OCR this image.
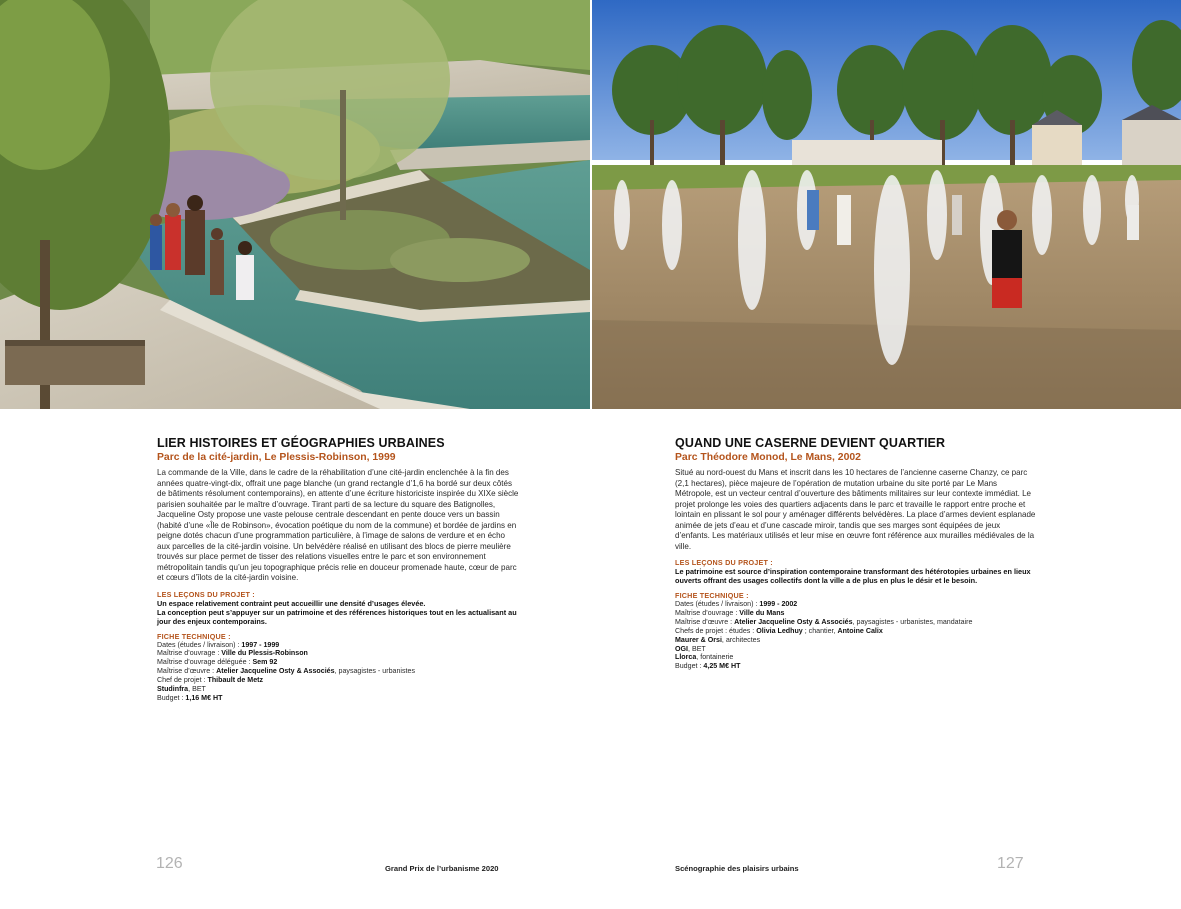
LIER HISTOIRES ET GÉOGRAPHIES URBAINES
Parc de la cité-jardin, Le Plessis-Robinson, 1999

La commande de la Ville, dans le cadre de la réhabilitation d’une cité-jardin enclenchée à la fin des années quatre-vingt-dix, offrait une page blanche (un grand rectangle d’1,6 ha bordé sur deux côtés de bâtiments résolument contemporains), en attente d’une écriture historiciste inspirée du XIXe siècle parisien souhaitée par le maître d’ouvrage. Tirant parti de sa lecture du square des Batignolles, Jacqueline Osty propose une vaste pelouse centrale descendant en pente douce vers un bassin (habité d’une «Île de Robinson», évocation poétique du nom de la commune) et bordée de jardins en peigne dotés chacun d’une programmation particulière, à l’image de salons de verdure et en écho aux parcelles de la cité-jardin voisine. Un belvédère réalisé en utilisant des blocs de pierre meulière trouvés sur place permet de tisser des relations visuelles entre le parc et son environnement métropolitain tandis qu’un jeu topographique précis relie en douceur promenade haute, cœur de parc et cœurs d’îlots de la cité-jardin voisine.

LES LEÇONS DU PROJET :
Un espace relativement contraint peut accueillir une densité d’usages élevée.
La conception peut s’appuyer sur un patrimoine et des références historiques tout en les actualisant au jour des enjeux contemporains.
FICHE TECHNIQUE :
Dates (études / livraison) : 1997 - 1999
Maîtrise d’ouvrage : Ville du Plessis-Robinson
Maîtrise d’ouvrage déléguée : Sem 92
Maîtrise d’œuvre : Atelier Jacqueline Osty & Associés, paysagistes - urbanistes
Chef de projet : Thibault de Metz
Studinfra, BET
Budget : 1,16 M€ HT
QUAND UNE CASERNE DEVIENT QUARTIER
Parc Théodore Monod, Le Mans, 2002

Situé au nord-ouest du Mans et inscrit dans les 10 hectares de l’ancienne caserne Chanzy, ce parc (2,1 hectares), pièce majeure de l’opération de mutation urbaine du site porté par Le Mans Métropole, est un vecteur central d’ouverture des bâtiments militaires sur leur contexte immédiat. Le projet prolonge les voies des quartiers adjacents dans le parc et travaille le rapport entre proche et lointain en plissant le sol pour y aménager différents belvédères. La place d’armes devient esplanade animée de jets d’eau et d’une cascade miroir, tandis que ses marges sont équipées de jeux d’enfants. Les matériaux utilisés et leur mise en œuvre font référence aux murailles médiévales de la ville.

LES LEÇONS DU PROJET :
Le patrimoine est source d’inspiration contemporaine transformant des hétérotopies urbaines en lieux ouverts offrant des usages collectifs dont la ville a de plus en plus le désir et le besoin.
FICHE TECHNIQUE :
Dates (études / livraison) : 1999 - 2002
Maîtrise d’ouvrage : Ville du Mans
Maîtrise d’œuvre : Atelier Jacqueline Osty & Associés, paysagistes - urbanistes, mandataire
Chefs de projet : études : Olivia Ledhuy ; chantier, Antoine Calix
Maurer & Orsi, architectes
OGI, BET
Llorca, fontainerie
Budget : 4,25 M€ HT
126	Grand Prix de l’urbanisme 2020	Scénographie des plaisirs urbains	127
